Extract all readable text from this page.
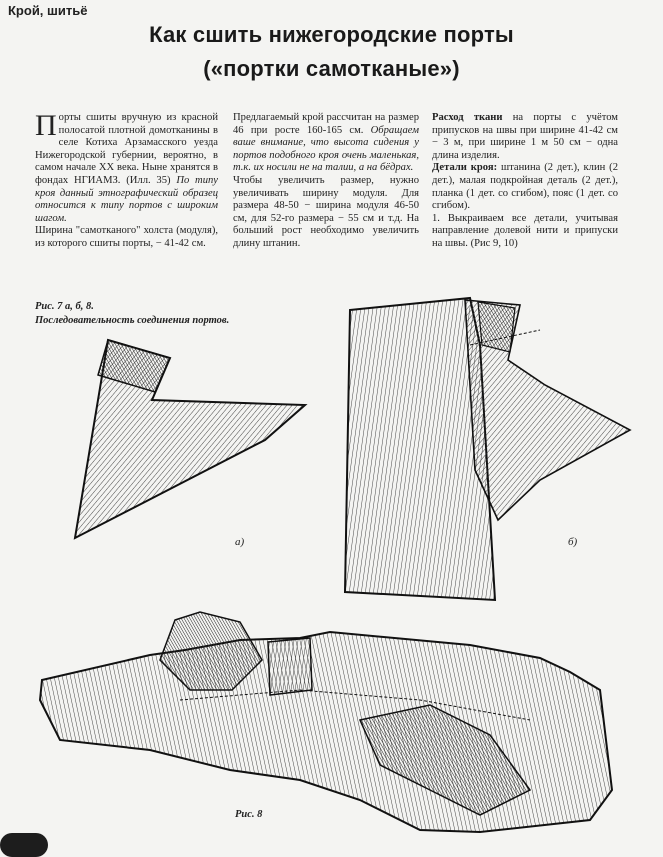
Крой, шитьё
Как сшить нижегородские порты
(«портки самотканые»)
Порты сшиты вручную из красной полосатой плотной домотканины в селе Котиха Арзамасского уезда Нижегородской губернии, вероятно, в самом начале XX века. Ныне хранятся в фондах НГИАМЗ. (Илл. 35) По типу кроя данный этнографический образец относится к типу портов с широким шагом.
Ширина "самотканого" холста (модуля), из которого сшиты порты, − 41-42 см.
Предлагаемый крой рассчитан на размер 46 при росте 160-165 см. Обращаем ваше внимание, что высота сидения у портов подобного кроя очень маленькая, т.к. их носили не на талии, а на бёдрах.
Чтобы увеличить размер, нужно увеличивать ширину модуля. Для размера 48-50 − ширина модуля 46-50 см, для 52-го размера − 55 см и т.д. На больший рост необходимо увеличить длину штанин.
Расход ткани на порты с учётом припусков на швы при ширине 41-42 см − 3 м, при ширине 1 м 50 см − одна длина изделия.
Детали кроя: штанина (2 дет.), клин (2 дет.), малая подкройная деталь (2 дет.), планка (1 дет. со сгибом), пояс (1 дет. со сгибом).
1. Выкраиваем все детали, учитывая направление долевой нити и припуски на швы. (Рис 9, 10)
Рис. 7 а, б, 8.
Последовательность соединения портов.
а)	б)
Рис. 8
